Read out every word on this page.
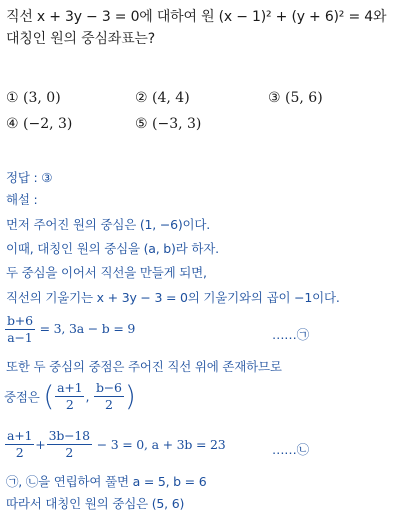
직선 x + 3y − 3 = 0에 대하여 원 (x − 1)² + (y + 6)² = 4와
대칭인 원의 중심좌표는?
① (3, 0)	② (4, 4)	③ (5, 6)
④ (−2, 3)	⑤ (−3, 3)
정답 : ③
해설 :
먼저 주어진 원의 중심은 (1, −6)이다.
이때, 대칭인 원의 중심을 (a, b)라 하자.
두 중심을 이어서 직선을 만들게 되면,
직선의 기울기는 x + 3y − 3 = 0의 기울기와의 곱이 −1이다.
$\frac{b+6}{a-1} = 3$, 3a − b = 9	……㉠
또한 두 중심의 중점은 주어진 직선 위에 존재하므로
중점은 ( $\frac{a+1}{2}$ , $\frac{b-6}{2}$ )
$\frac{a+1}{2} + \frac{3b-18}{2} - 3 = 0$, a + 3b = 23	……㉡
㉠, ㉡을 연립하여 풀면 a = 5, b = 6
따라서 대칭인 원의 중심은 (5, 6)
